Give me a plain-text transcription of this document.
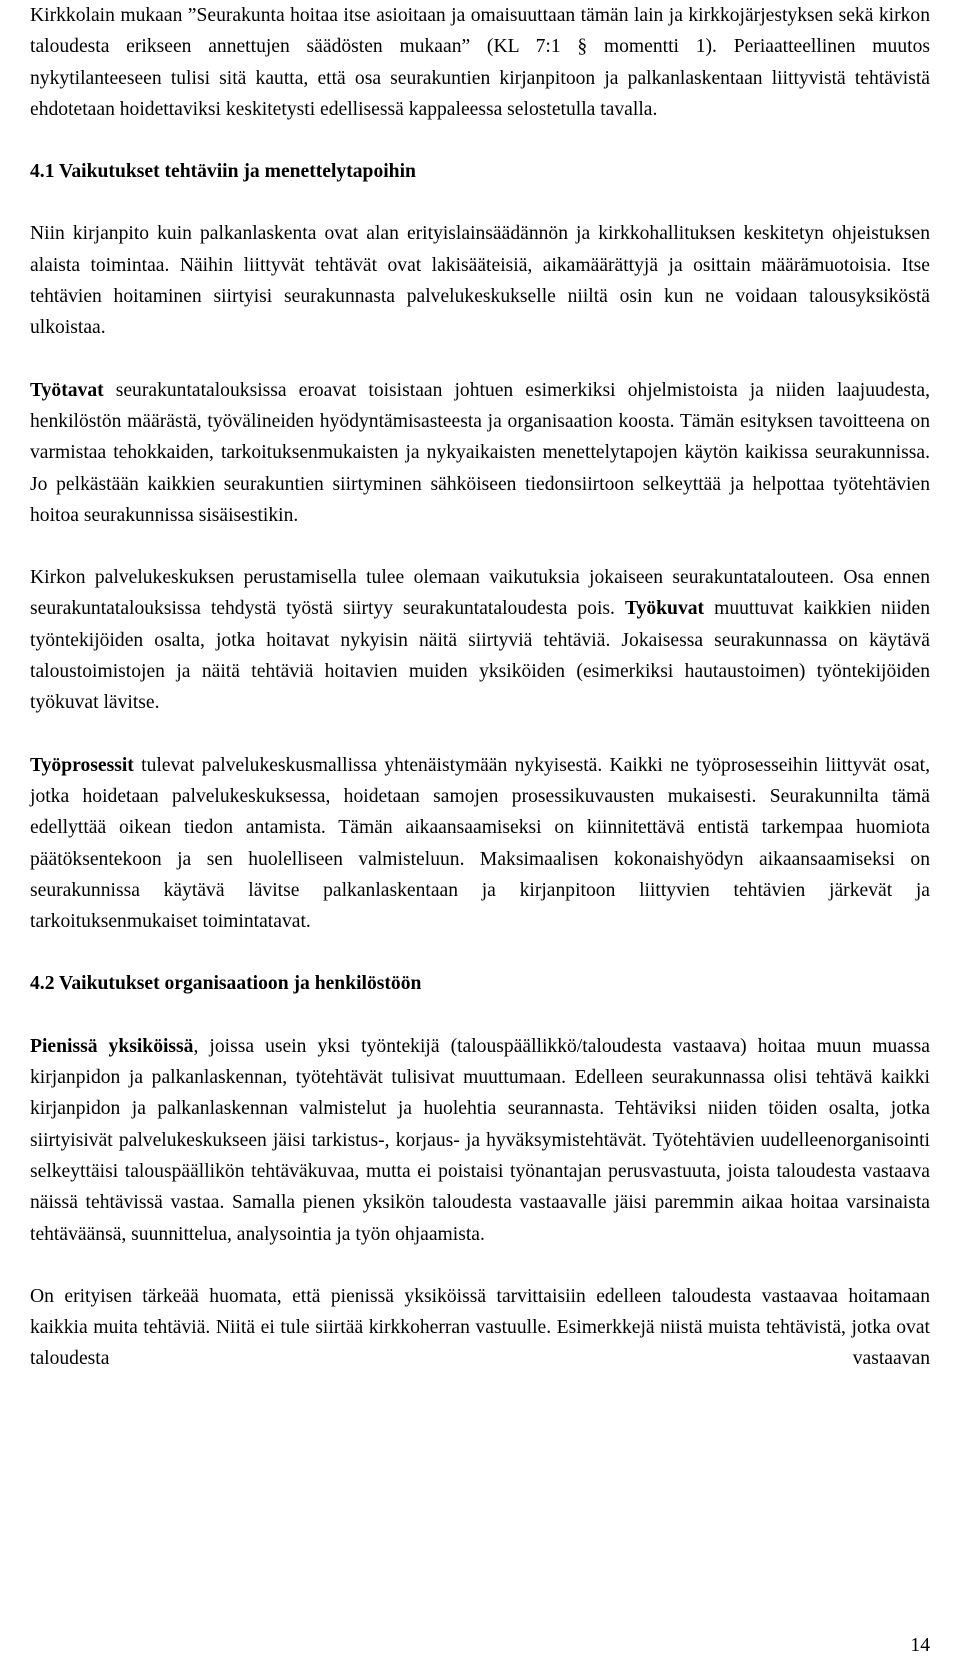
Kirkkolain mukaan ”Seurakunta hoitaa itse asioitaan ja omaisuuttaan tämän lain ja kirkkojärjestyksen sekä kirkon taloudesta erikseen annettujen säädösten mukaan” (KL 7:1 § momentti 1). Periaatteellinen muutos nykytilanteeseen tulisi sitä kautta, että osa seurakuntien kirjanpitoon ja palkanlaskentaan liittyvistä tehtävistä ehdotetaan hoidettaviksi keskitetysti edellisessä kappaleessa selostetulla tavalla.

4.1 Vaikutukset tehtäviin ja menettelytapoihin

Niin kirjanpito kuin palkanlaskenta ovat alan erityislainsäädännön ja kirkkohallituksen keskitetyn ohjeistuksen alaista toimintaa. Näihin liittyvät tehtävät ovat lakisääteisiä, aikamäärättyjä ja osittain määrämuotoisia. Itse tehtävien hoitaminen siirtyisi seurakunnasta palvelukeskukselle niiltä osin kun ne voidaan talousyksiköstä ulkoistaa.

Työtavat seurakuntatalouksissa eroavat toisistaan johtuen esimerkiksi ohjelmistoista ja niiden laajuudesta, henkilöstön määrästä, työvälineiden hyödyntämisasteesta ja organisaation koosta. Tämän esityksen tavoitteena on varmistaa tehokkaiden, tarkoituksenmukaisten ja nykyaikaisten menettelytapojen käytön kaikissa seurakunnissa. Jo pelkästään kaikkien seurakuntien siirtyminen sähköiseen tiedonsiirtoon selkeyttää ja helpottaa työtehtävien hoitoa seurakunnissa sisäisestikin.

Kirkon palvelukeskuksen perustamisella tulee olemaan vaikutuksia jokaiseen seurakuntatalouteen. Osa ennen seurakuntatalouksissa tehdystä työstä siirtyy seurakuntataloudesta pois. Työkuvat muuttuvat kaikkien niiden työntekijöiden osalta, jotka hoitavat nykyisin näitä siirtyviä tehtäviä. Jokaisessa seurakunnassa on käytävä taloustoimistojen ja näitä tehtäviä hoitavien muiden yksiköiden (esimerkiksi hautaustoimen) työntekijöiden työkuvat lävitse.

Työprosessit tulevat palvelukeskusmallissa yhtenäistymään nykyisestä. Kaikki ne työprosesseihin liittyvät osat, jotka hoidetaan palvelukeskuksessa, hoidetaan samojen prosessikuvausten mukaisesti. Seurakunnilta tämä edellyttää oikean tiedon antamista. Tämän aikaansaamiseksi on kiinnitettävä entistä tarkempaa huomiota päätöksentekoon ja sen huolelliseen valmisteluun. Maksimaalisen kokonaishyödyn aikaansaamiseksi on seurakunnissa käytävä lävitse palkanlaskentaan ja kirjanpitoon liittyvien tehtävien järkevät ja tarkoituksenmukaiset toimintatavat.

4.2 Vaikutukset organisaatioon ja henkilöstöön

Pienissä yksiköissä, joissa usein yksi työntekijä (talouspäällikkö/taloudesta vastaava) hoitaa muun muassa kirjanpidon ja palkanlaskennan, työtehtävät tulisivat muuttumaan. Edelleen seurakunnassa olisi tehtävä kaikki kirjanpidon ja palkanlaskennan valmistelut ja huolehtia seurannasta. Tehtäviksi niiden töiden osalta, jotka siirtyisivät palvelukeskukseen jäisi tarkistus-, korjaus- ja hyväksymistehtävät. Työtehtävien uudelleenorganisointi selkeyttäisi talouspäällikön tehtäväkuvaa, mutta ei poistaisi työnantajan perusvastuuta, joista taloudesta vastaava näissä tehtävissä vastaa. Samalla pienen yksikön taloudesta vastaavalle jäisi paremmin aikaa hoitaa varsinaista tehtäväänsä, suunnittelua, analysointia ja työn ohjaamista.

On erityisen tärkeää huomata, että pienissä yksiköissä tarvittaisiin edelleen taloudesta vastaavaa hoitamaan kaikkia muita tehtäviä. Niitä ei tule siirtää kirkkoherran vastuulle. Esimerkkejä niistä muista tehtävistä, jotka ovat taloudesta vastaavan

14
